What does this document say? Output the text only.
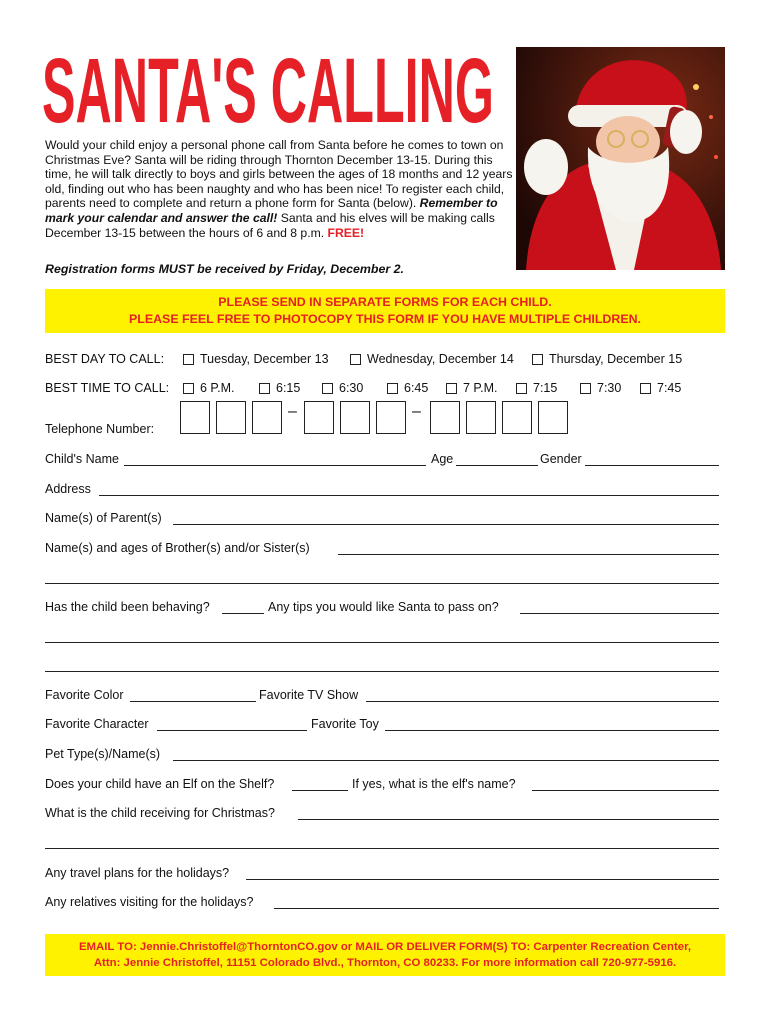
SANTA'S CALLING
Would your child enjoy a personal phone call from Santa before he comes to town on Christmas Eve? Santa will be riding through Thornton December 13-15. During this time, he will talk directly to boys and girls between the ages of 18 months and 12 years old, finding out who has been naughty and who has been nice! To register each child, parents need to complete and return a phone form for Santa (below). Remember to mark your calendar and answer the call! Santa and his elves will be making calls December 13-15 between the hours of 6 and 8 p.m. FREE!
Registration forms MUST be received by Friday, December 2.
PLEASE SEND IN SEPARATE FORMS FOR EACH CHILD.
PLEASE FEEL FREE TO PHOTOCOPY THIS FORM IF YOU HAVE MULTIPLE CHILDREN.
BEST DAY TO CALL:	Tuesday, December 13	Wednesday, December 14	Thursday, December 15
BEST TIME TO CALL: 6 P.M.	6:15	6:30	6:45	7 P.M.	7:15	7:30	7:45
Telephone Number:
–	–
Child's Name	Age	Gender
Address
Name(s) of Parent(s)
Name(s) and ages of Brother(s) and/or Sister(s)
Has the child been behaving?	Any tips you would like Santa to pass on?
Favorite Color	Favorite TV Show
Favorite Character	Favorite Toy
Pet Type(s)/Name(s)
Does your child have an Elf on the Shelf?	If yes, what is the elf's name?
What is the child receiving for Christmas?
Any travel plans for the holidays?
Any relatives visiting for the holidays?
EMAIL TO: Jennie.Christoffel@ThorntonCO.gov or MAIL OR DELIVER FORM(S) TO: Carpenter Recreation Center,
Attn: Jennie Christoffel, 11151 Colorado Blvd., Thornton, CO 80233. For more information call 720-977-5916.
